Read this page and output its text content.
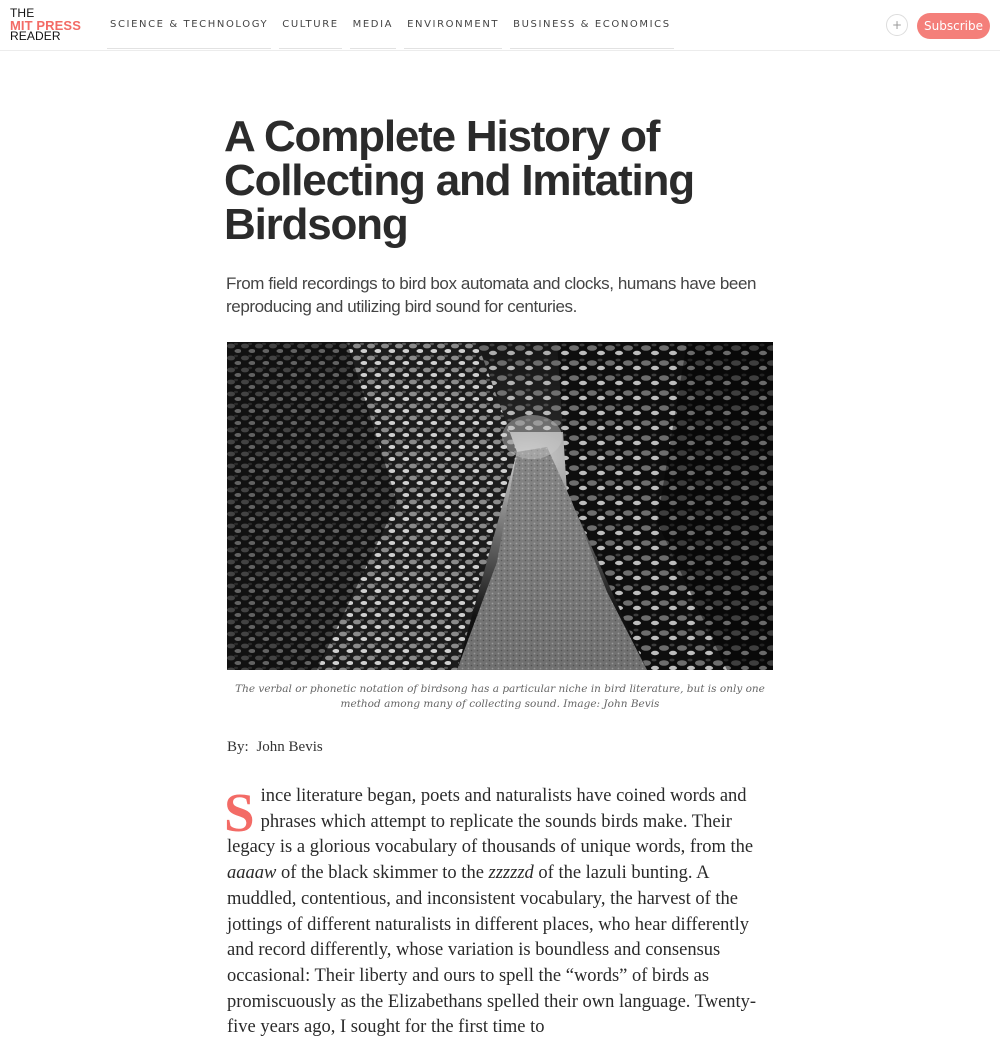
THE
MIT PRESS
READER
SCIENCE & TECHNOLOGY	CULTURE	MEDIA	ENVIRONMENT	BUSINESS & ECONOMICS	+	Subscribe
A Complete History of Collecting and Imitating Birdsong

From field recordings to bird box automata and clocks, humans have been reproducing and utilizing bird sound for centuries.

The verbal or phonetic notation of birdsong has a particular niche in bird literature, but is only one method among many of collecting sound. Image: John Bevis
By: John Bevis

Since literature began, poets and naturalists have coined words and phrases which attempt to replicate the sounds birds make. Their legacy is a glorious vocabulary of thousands of unique words, from the aaaaw of the black skimmer to the zzzzzd of the lazuli bunting. A muddled, contentious, and inconsistent vocabulary, the harvest of the jottings of different naturalists in different places, who hear differently and record differently, whose variation is boundless and consensus occasional: Their liberty and ours to spell the “words” of birds as promiscuously as the Elizabethans spelled their own language. Twenty-five years ago, I sought for the first time to
